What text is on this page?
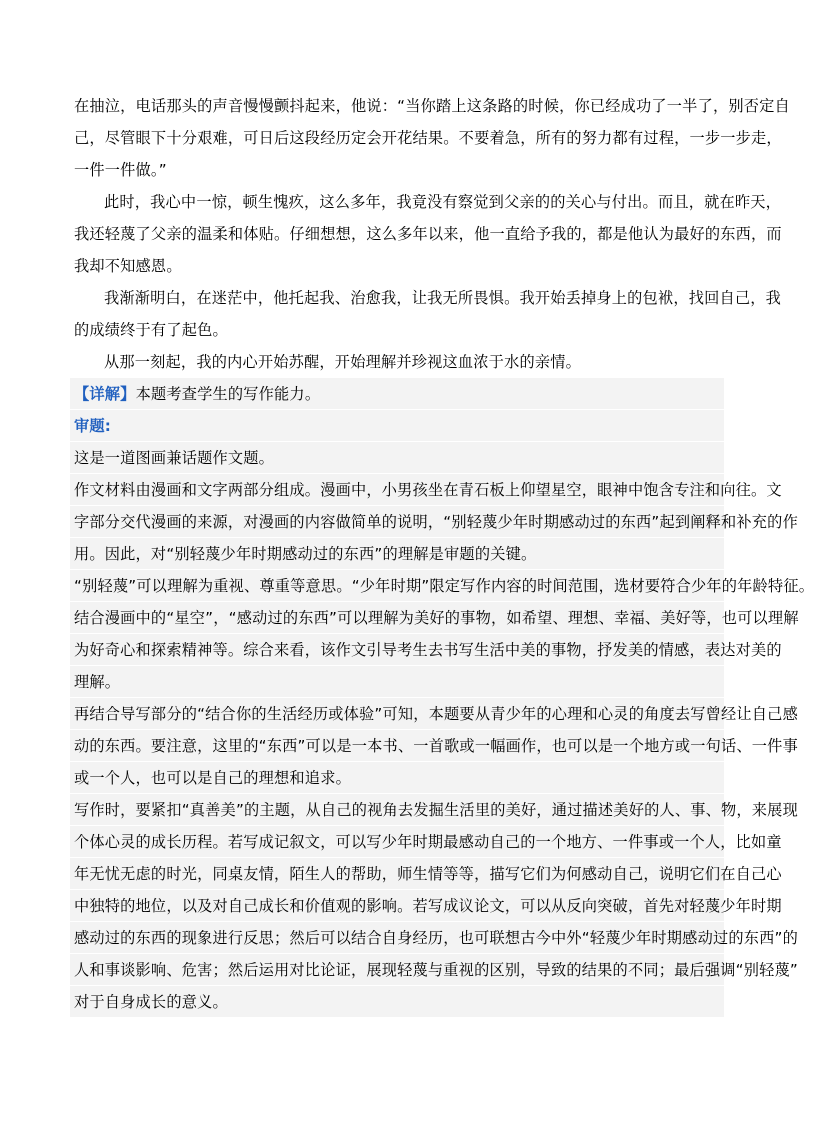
在抽泣，电话那头的声音慢慢颤抖起来，他说：“当你踏上这条路的时候，你已经成功了一半了，别否定自
己，尽管眼下十分艰难，可日后这段经历定会开花结果。不要着急，所有的努力都有过程，一步一步走，
一件一件做。”
此时，我心中一惊，顿生愧疚，这么多年，我竟没有察觉到父亲的的关心与付出。而且，就在昨天，
我还轻蔑了父亲的温柔和体贴。仔细想想，这么多年以来，他一直给予我的，都是他认为最好的东西，而
我却不知感恩。
我渐渐明白，在迷茫中，他托起我、治愈我，让我无所畏惧。我开始丢掉身上的包袱，找回自己，我
的成绩终于有了起色。
从那一刻起，我的内心开始苏醒，开始理解并珍视这血浓于水的亲情。
【详解】本题考查学生的写作能力。
审题:
这是一道图画兼话题作文题。
作文材料由漫画和文字两部分组成。漫画中，小男孩坐在青石板上仰望星空，眼神中饱含专注和向往。文
字部分交代漫画的来源，对漫画的内容做简单的说明，“别轻蔑少年时期感动过的东西”起到阐释和补充的作
用。因此，对“别轻蔑少年时期感动过的东西”的理解是审题的关键。
“别轻蔑”可以理解为重视、尊重等意思。“少年时期”限定写作内容的时间范围，选材要符合少年的年龄特征。
结合漫画中的“星空”，“感动过的东西”可以理解为美好的事物，如希望、理想、幸福、美好等，也可以理解
为好奇心和探索精神等。综合来看，该作文引导考生去书写生活中美的事物，抒发美的情感，表达对美的
理解。
再结合导写部分的“结合你的生活经历或体验”可知，本题要从青少年的心理和心灵的角度去写曾经让自己感
动的东西。要注意，这里的“东西”可以是一本书、一首歌或一幅画作，也可以是一个地方或一句话、一件事
或一个人，也可以是自己的理想和追求。
写作时，要紧扣“真善美”的主题，从自己的视角去发掘生活里的美好，通过描述美好的人、事、物，来展现
个体心灵的成长历程。若写成记叙文，可以写少年时期最感动自己的一个地方、一件事或一个人，比如童
年无忧无虑的时光，同桌友情，陌生人的帮助，师生情等等，描写它们为何感动自己，说明它们在自己心
中独特的地位，以及对自己成长和价值观的影响。若写成议论文，可以从反向突破，首先对轻蔑少年时期
感动过的东西的现象进行反思；然后可以结合自身经历，也可联想古今中外“轻蔑少年时期感动过的东西”的
人和事谈影响、危害；然后运用对比论证，展现轻蔑与重视的区别，导致的结果的不同；最后强调“别轻蔑”
对于自身成长的意义。
